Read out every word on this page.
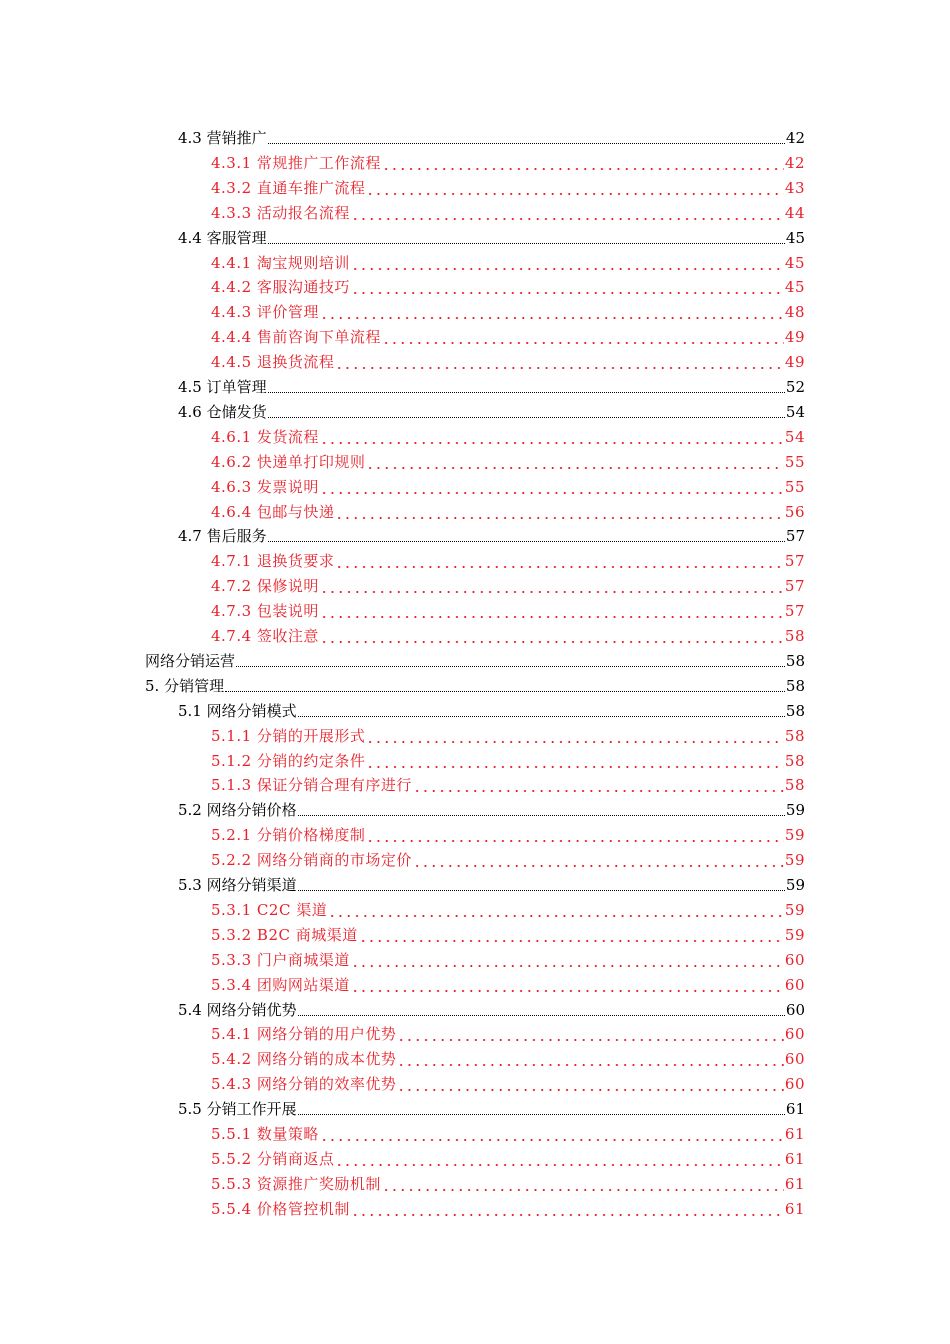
4.3 营销推广	42
4.3.1 常规推广工作流程	42
4.3.2 直通车推广流程	43
4.3.3 活动报名流程	44
4.4 客服管理	45
4.4.1 淘宝规则培训	45
4.4.2 客服沟通技巧	45
4.4.3 评价管理	48
4.4.4 售前咨询下单流程	49
4.4.5 退换货流程	49
4.5 订单管理	52
4.6 仓储发货	54
4.6.1 发货流程	54
4.6.2 快递单打印规则	55
4.6.3 发票说明	55
4.6.4 包邮与快递	56
4.7 售后服务	57
4.7.1 退换货要求	57
4.7.2 保修说明	57
4.7.3 包装说明	57
4.7.4 签收注意	58
网络分销运营	58
5. 分销管理	58
5.1 网络分销模式	58
5.1.1 分销的开展形式	58
5.1.2 分销的约定条件	58
5.1.3 保证分销合理有序进行	58
5.2 网络分销价格	59
5.2.1 分销价格梯度制	59
5.2.2 网络分销商的市场定价	59
5.3 网络分销渠道	59
5.3.1 C2C 渠道	59
5.3.2 B2C 商城渠道	59
5.3.3 门户商城渠道	60
5.3.4 团购网站渠道	60
5.4 网络分销优势	60
5.4.1 网络分销的用户优势	60
5.4.2 网络分销的成本优势	60
5.4.3 网络分销的效率优势	60
5.5 分销工作开展	61
5.5.1 数量策略	61
5.5.2 分销商返点	61
5.5.3 资源推广奖励机制	61
5.5.4 价格管控机制	61
